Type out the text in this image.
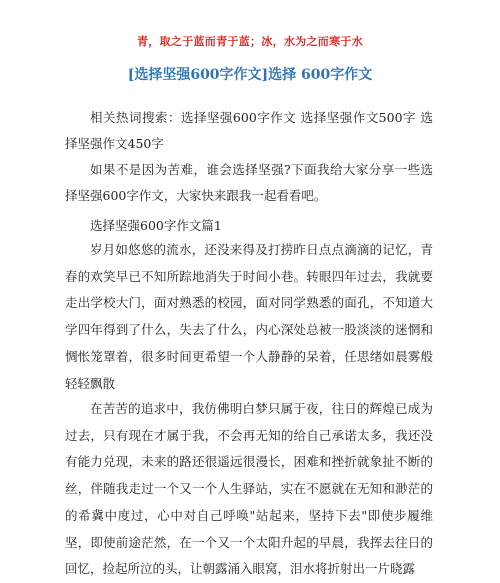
青，取之于蓝而青于蓝；冰，水为之而寒于水
[选择坚强600字作文]选择 600字作文

相关热词搜索：选择坚强600字作文 选择坚强作文500字 选择坚强作文450字

如果不是因为苦难，谁会选择坚强?下面我给大家分享一些选择坚强600字作文，大家快来跟我一起看看吧。

选择坚强600字作文篇1

岁月如悠悠的流水，还没来得及打捞昨日点点滴滴的记忆，青春的欢笑早已不知所踪地消失于时间小巷。转眼四年过去，我就要走出学校大门，面对熟悉的校园，面对同学熟悉的面孔，不知道大学四年得到了什么，失去了什么，内心深处总被一股淡淡的迷惘和惆怅笼罩着，很多时间更希望一个人静静的呆着，任思绪如晨雾般轻轻飘散

在苦苦的追求中，我仿佛明白梦只属于夜，往日的辉煌已成为过去，只有现在才属于我，不会再无知的给自己承诺太多，我还没有能力兑现，未来的路还很遥远很漫长，困难和挫折就象扯不断的丝，伴随我走过一个又一个人生驿站，实在不愿就在无知和渺茫的的希冀中度过，心中对自己呼唤"站起来，坚持下去"即使步履维坚，即使前途茫然，在一个又一个太阳升起的早晨，我挥去往日的回忆，捡起所泣的头，让朝露涌入眼窝，泪水将折射出一片晓露
